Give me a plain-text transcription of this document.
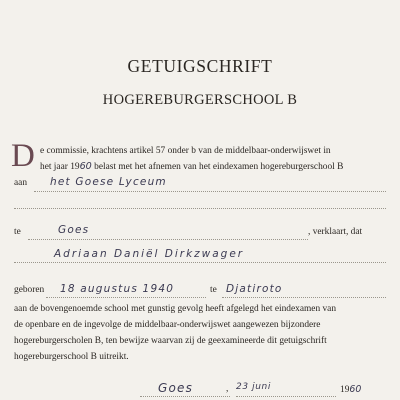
GETUIGSCHRIFT
HOGEREBURGERSCHOOL B
D e commissie, krachtens artikel 57 onder b van de middelbaar-onderwijswet in
het jaar 1960 belast met het afnemen van het eindexamen hogereburgerschool B
aan het Goese Lyceum
te	Goes	, verklaart, dat
Adriaan Daniël Dirkzwager
geboren 18 augustus 1940	te Djatiroto
aan de bovengenoemde school met gunstig gevolg heeft afgelegd het eindexamen van
de openbare en de ingevolge de middelbaar-onderwijswet aangewezen bijzondere
hogereburgerscholen B, ten bewijze waarvan zij de geexamineerde dit getuigschrift
hogereburgerschool B uitreikt.
Goes	, 23 juni	1960
